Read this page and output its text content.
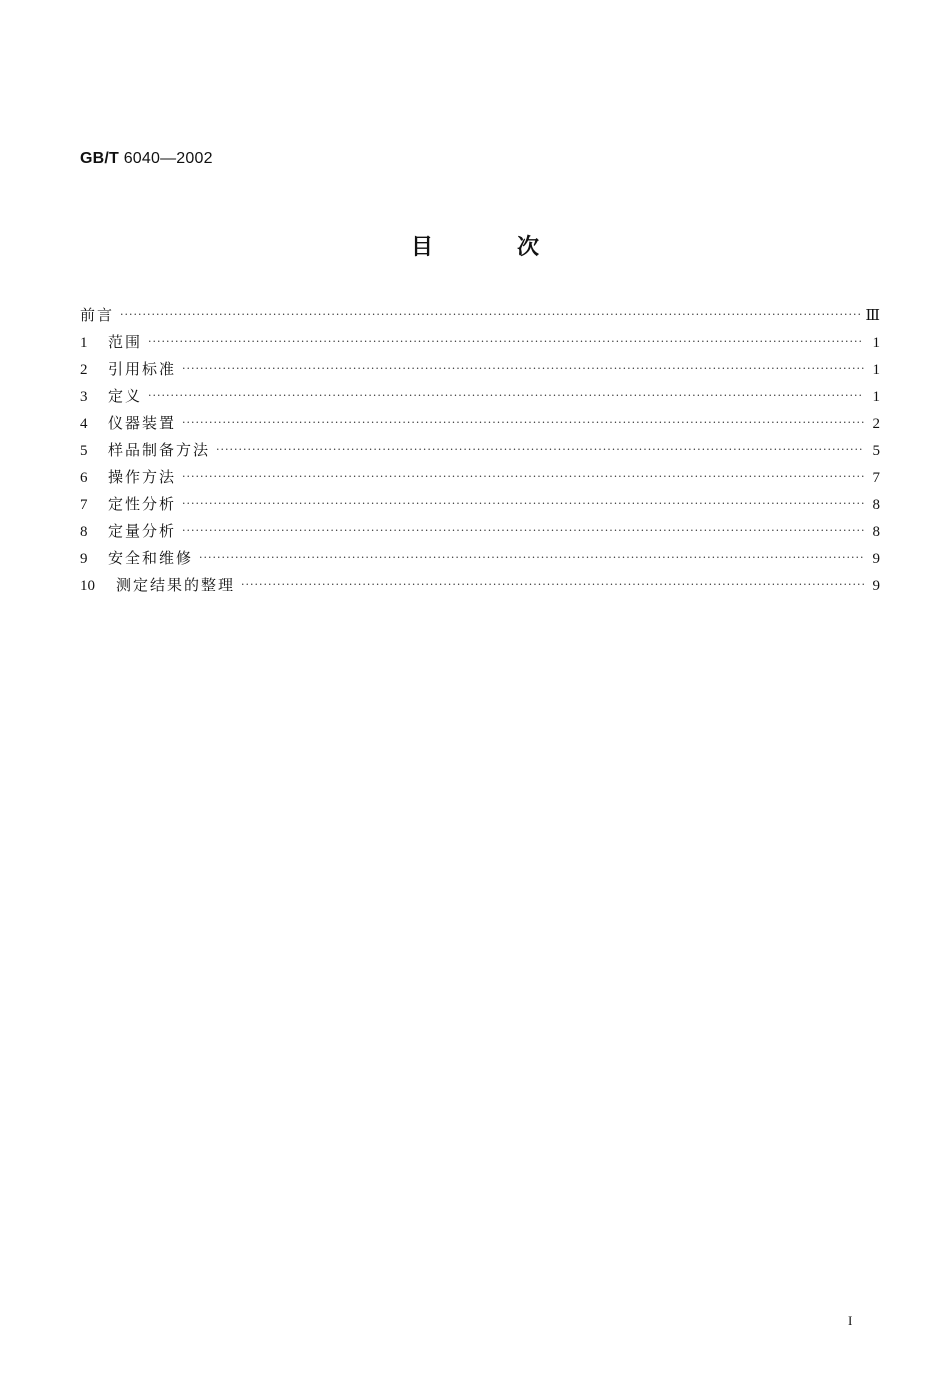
GB/T 6040—2002
目	次
前言 ·····	Ⅲ
1	范围 ·····	1
2	引用标准 ·····	1
3	定义 ·····	1
4	仪器装置 ·····	2
5	样品制备方法 ·····	5
6	操作方法 ·····	7
7	定性分析 ·····	8
8	定量分析 ·····	8
9	安全和维修 ·····	9
10	测定结果的整理 ·····	9
I
